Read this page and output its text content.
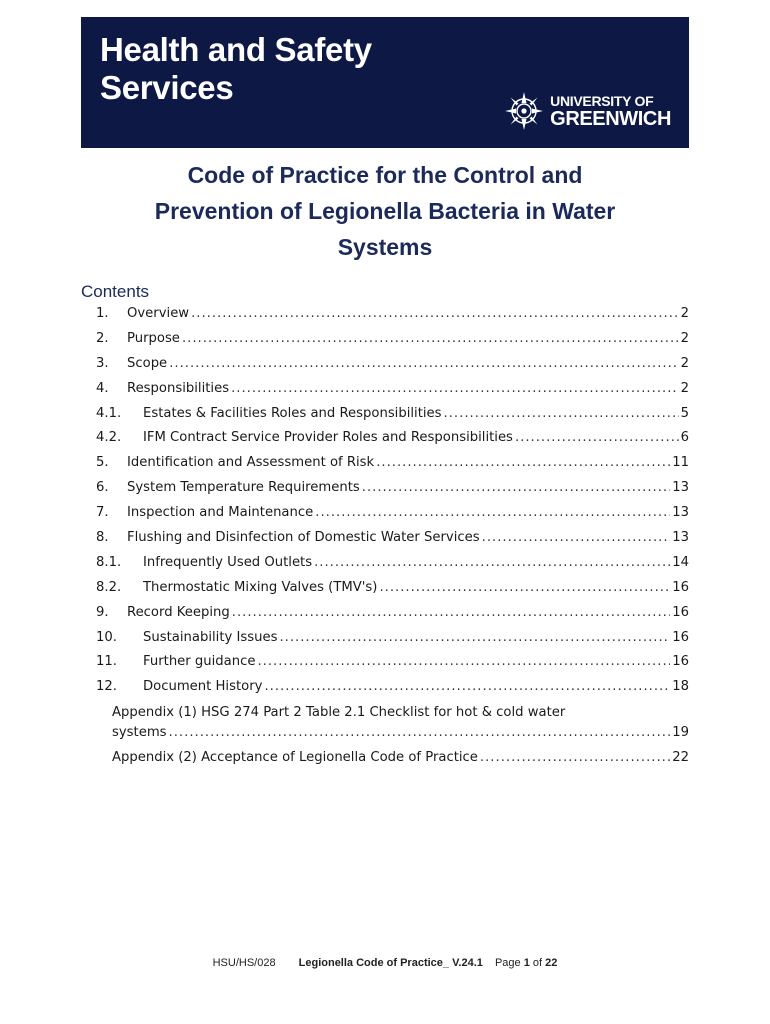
Health and Safety
Services	UNIVERSITY OF
GREENWICH
Code of Practice for the Control and
Prevention of Legionella Bacteria in Water
Systems
Contents
1.	Overview .....	2
2.	Purpose .....	2
3.	Scope .....	2
4.	Responsibilities .....	2
4.1.	Estates & Facilities Roles and Responsibilities .....	5
4.2.	IFM Contract Service Provider Roles and Responsibilities .....	6
5.	Identification and Assessment of Risk .....	11
6.	System Temperature Requirements .....	13
7.	Inspection and Maintenance .....	13
8.	Flushing and Disinfection of Domestic Water Services .....	13
8.1.	Infrequently Used Outlets .....	14
8.2.	Thermostatic Mixing Valves (TMV's) .....	16
9.	Record Keeping .....	16
10.	Sustainability Issues .....	16
11.	Further guidance .....	16
12.	Document History .....	18
Appendix (1) HSG 274 Part 2 Table 2.1 Checklist for hot & cold water
systems .....	19
Appendix (2) Acceptance of Legionella Code of Practice .....	22
HSU/HS/028 Legionella Code of Practice_ V.24.1 Page 1 of 22
